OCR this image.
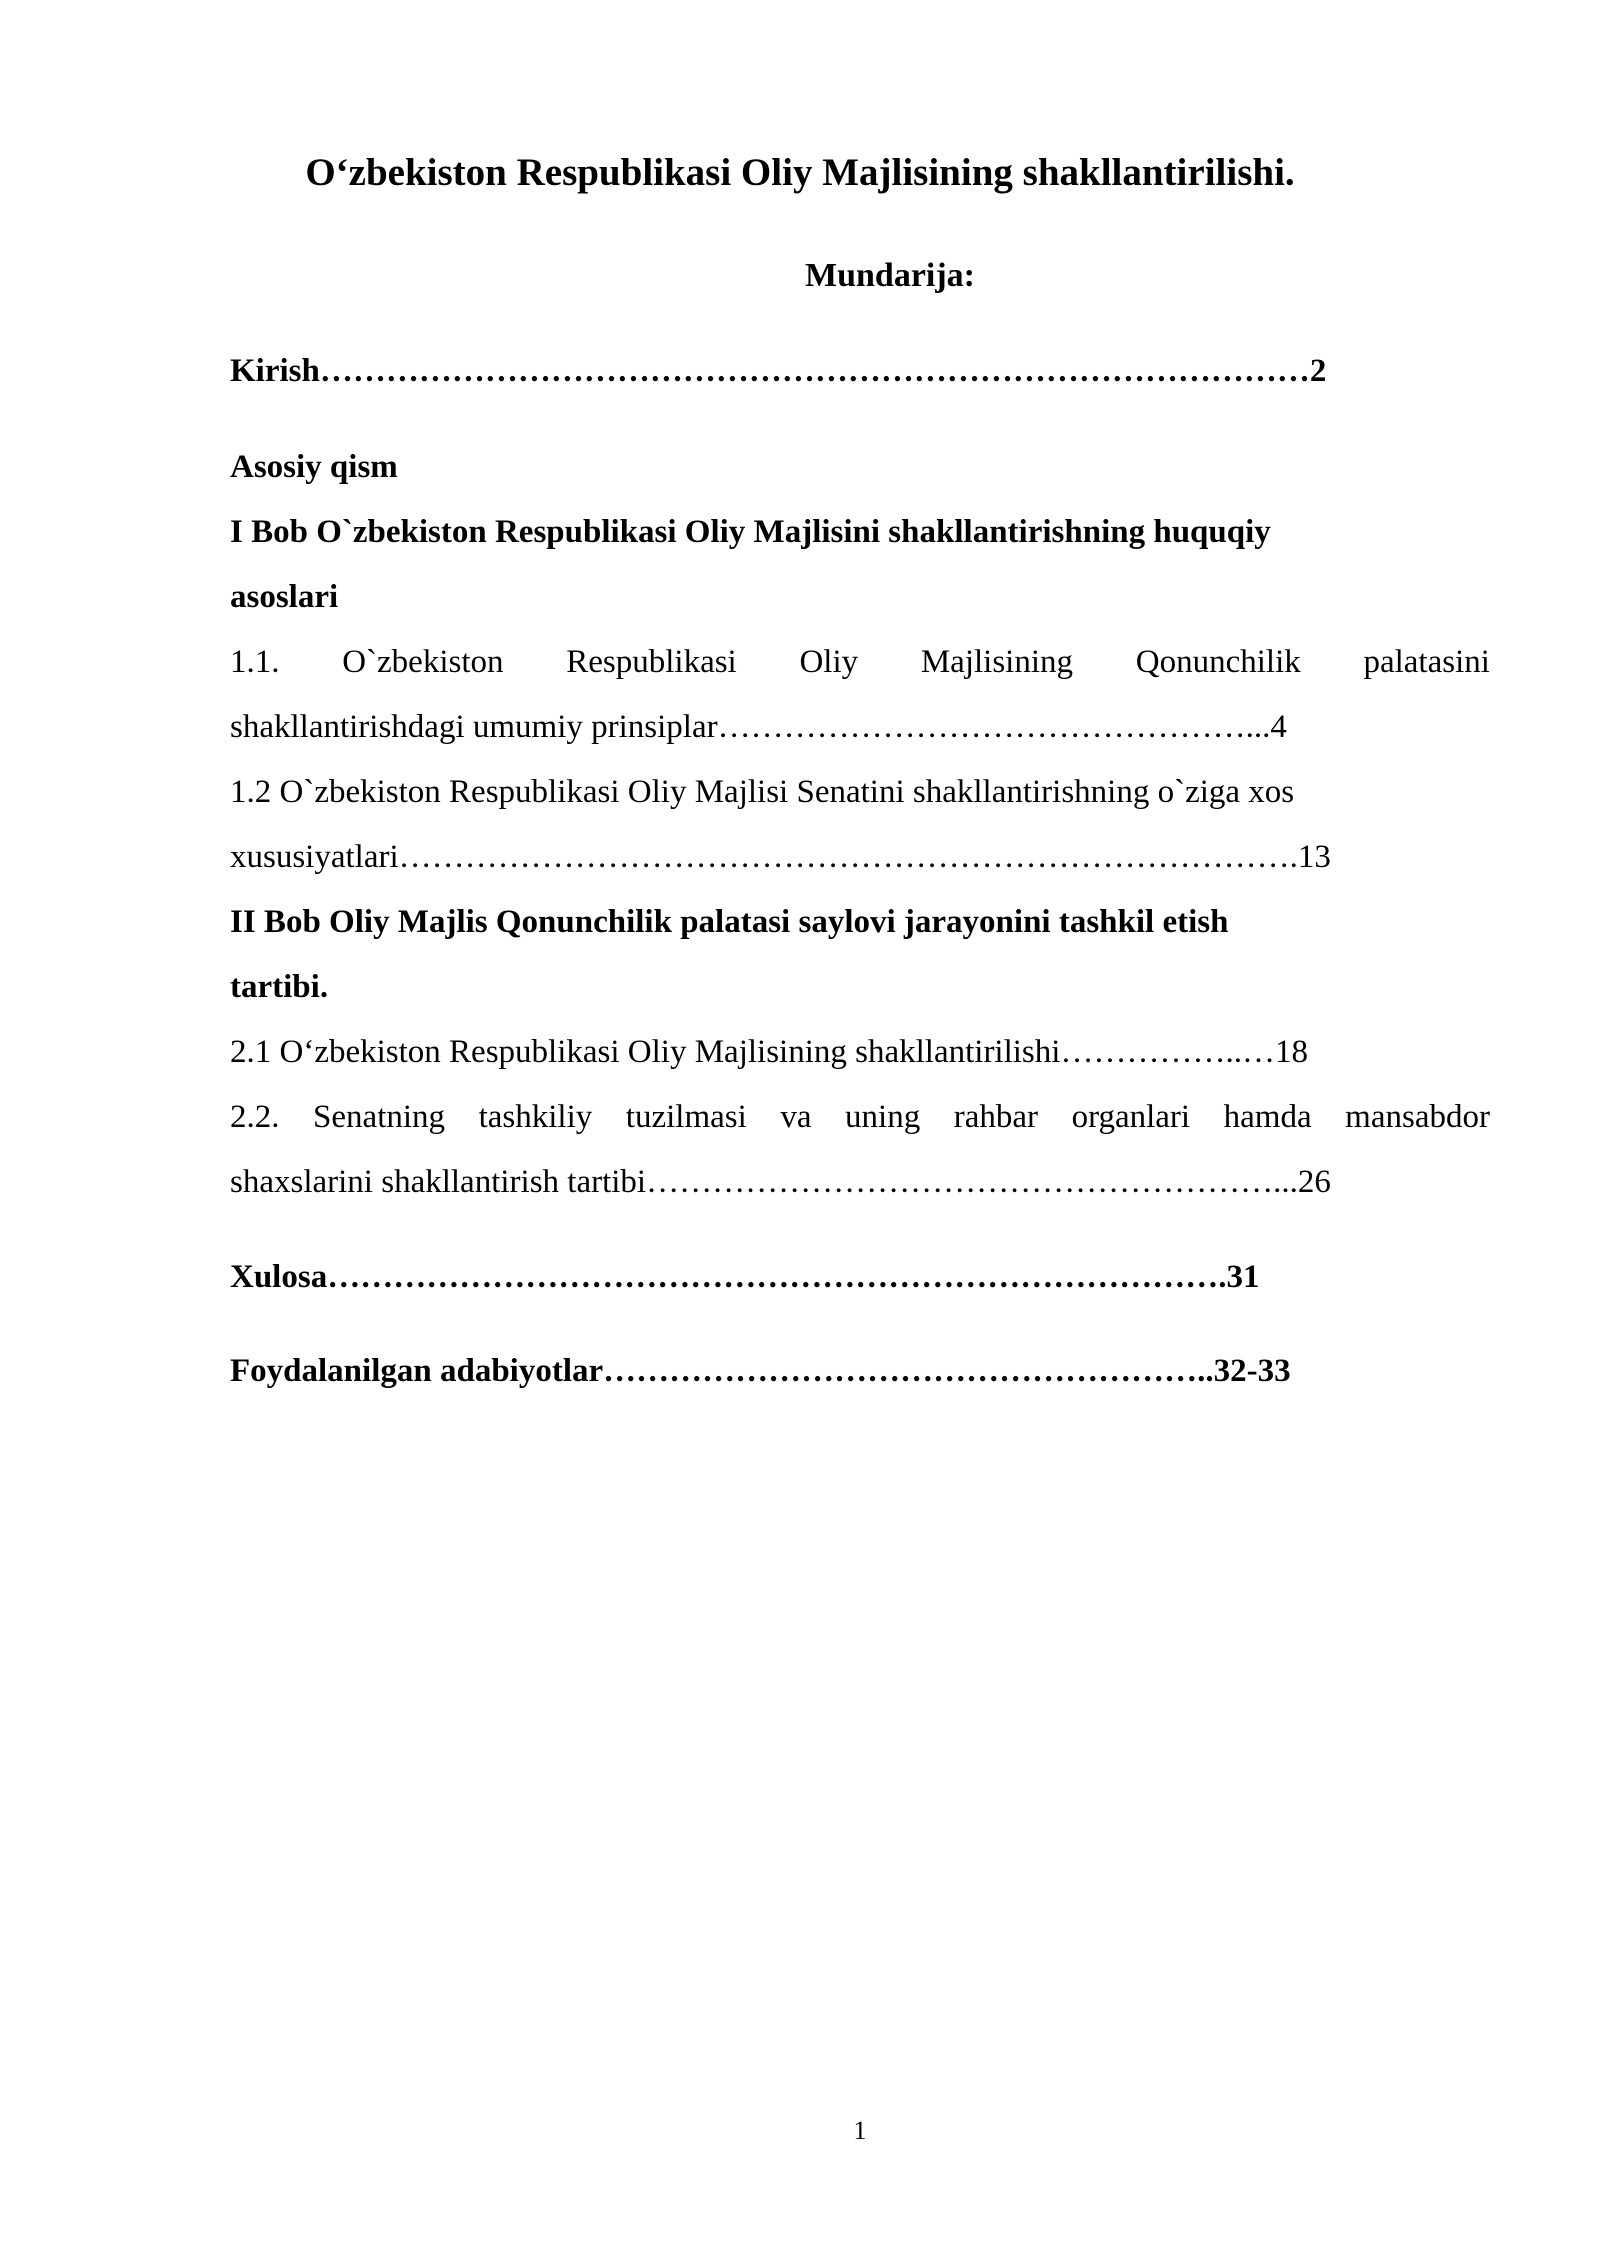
O‘zbekiston Respublikasi Oliy Majlisining shakllantirilishi.
Mundarija:
Kirish………………………………………………………………………………2
Asosiy qism
I Bob O`zbekiston Respublikasi Oliy Majlisini shakllantirishning huquqiy
asoslari
1.1. O`zbekiston Respublikasi Oliy Majlisining Qonunchilik palatasini
shakllantirishdagi umumiy prinsiplar…………………………………………...4
1.2 O`zbekiston Respublikasi Oliy Majlisi Senatini shakllantirishning o`ziga xos
xususiyatlari……………………………………………………………………….13
II Bob Oliy Majlis Qonunchilik palatasi saylovi jarayonini tashkil etish
tartibi.
2.1 O‘zbekiston Respublikasi Oliy Majlisining shakllantirilishi……………..…18
2.2. Senatning tashkiliy tuzilmasi va uning rahbar organlari hamda mansabdor
shaxslarini shakllantirish tartibi…………………………………………………...26
Xulosa……………………………………………………………………….31
Foydalanilgan adabiyotlar………………………………………………..32-33
1
